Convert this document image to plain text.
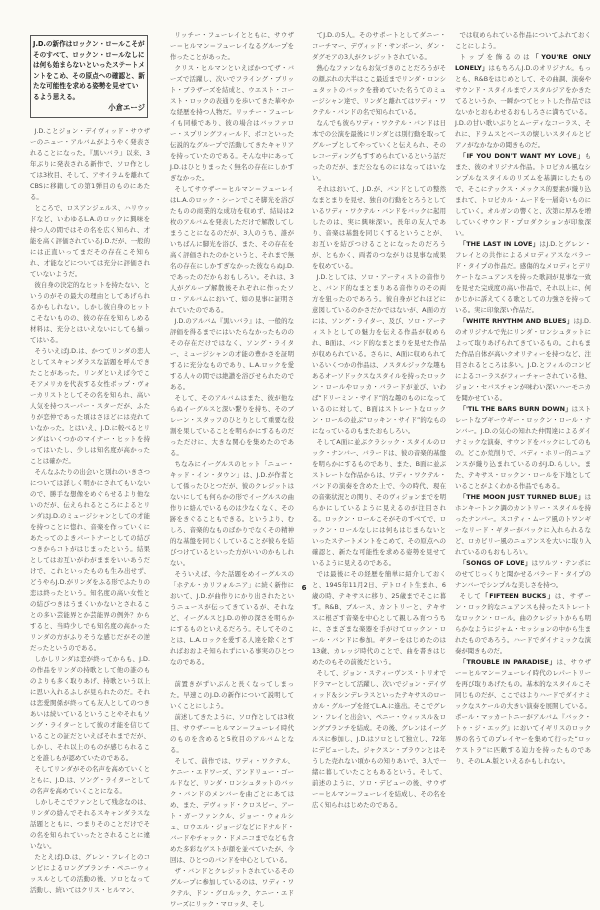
J.D.の新作はロックン・ロールこそがそのすべて、ロックン・ロールなしには何も始まらないといったステートメントをこめ、その原点への確認と、新たな可能性を求める姿勢を見せているよう思える。
小倉エージ

J.D.ことジョン・デイヴィッド・サウザーのニュー・アルバムがようやく発表されることになった。『黒いバラ』以来、3年ぶりに発表される新作で、ソロ作としては3枚目、そして、アサイラムを離れてCBSに移籍しての第1弾目のものにあたる。

ところで、ロスアンジェルス、ハリウッドなど、いわゆるL.A.のロックに興味を持つ人の間ではその名を広く知られ、才能を高く評価されているJ.D.だが、一般的には正直いってまだその存在こそ知られ、才能などについては充分に評価されていないようだ。

彼自身の決定的なヒットを持たない、というのがその最大の理由としてあげられるかもしれない。しかし彼自身のヒットこそないものの、彼の存在を知らしめる材料は、充分とはいえないにしても揃ってはいる。

そういえばJ.D.は、かつてリンダの恋人としてスキャンダラスな話題を呼んできたことがあった。リンダといえば今でこそアメリカを代表する女性ポップ・ヴォーカリストとしてその名を知られ、高い人気を持つスーパー・スターだが、ふたりが恋仲であった頃はさほどには売れていなかった。とはいえ、J.D.に較べるとリンダはいくつかのマイナー・ヒットを持ってはいたし、少しは知名度が高かったことは確かだ。

そんなふたりの出会いと別れのいきさつについては詳しく明かにされてもいないので、勝手な想像をめぐらせるより他ないのだが、伝えられるところによるとリンダはJ.D.のミュージシャンとしての才能を持つことに惚れ、音楽を作っていくにあたってのよきパートナーとしての結びつきからコトがはじまったという。結果としてはお互いがわがままをいいあうだけで、これといったものも生み出せず、どうやらJ.D.がリンダをふる形でふたりの恋は終ったという。知名度の高い女性との結びつきはうまくいかないとされることの多い芸能界とか芸能界の例外？からすると、当時少しでも知名度の高かったリンダの方がふりそうな感じだがその逆だったというのである。

しかしリンダは恋が終ってからも、J.D.の作品をリンダの持歌として他の誰のものよりも多く取りあげ、持歌という以上に思い入れるふしが見られたのだ。それは恋愛関係が終っても友人としてのつきあいは続いているということやそれもソング・ライターとして彼の才能を信じていることの証だといえばそれまでだが、しかし、それ以上のものが感じられることを誰しもが認めていたのである。

そしてリンダがその名声を高めていくとともに、J.D.は、ソング・ライターとしての名声を高めていくことになる。

しかしそこでファンとして残念なのは、リンダの絡んでそれるスキャンダラスな話題とともに、つまりそのことだけでその名を知られていったとされることに違いない。

たとえばJ.D.は、グレン・フレイとのコンビによるロングブランチ・ペニーウィッスルとしての活動の後、ソロとなって活動し、続いてはクリス・ヒルマン、

リッチー・フューレイとともに、サウザー＝ヒルマン＝フューレイなるグループを作ったことがあった。

クリス・ヒルマンといえばかつてザ・バーズで活躍し、次いでフライング・ブリット・ブラザーズを結成と、ウエスト・コースト・ロックの表通りを歩いてきた華やかな経歴を持つ人物だ。リッチー・フューレイも同様であり、彼の場合はバッファロー・スプリングフィールド、ポコといった伝説的なグループで活動してきたキャリアを持っていたのである。そんな中にあってJ.D.はひとりまったく無名の存在にしかすぎなかった。

そしてサウザー＝ヒルマン＝フューレイはL.A.のロック・シーンでこそ脚光を浴びたものの商業的な成功を収めず、結局は2枚のアルバムを発表しただけで解散してしまうことになるのだが、3人のうち、誰がいちばんに脚光を浴び、また、その存在を高く評価されたのかというと、それまで無名の存在にしかすぎなかった彼ならぬJ.D.であったのだからおもしろい。それは、3人がグループ解散後それぞれに作ったソロ・アルバムにおいて、如の見事に証明されていたのである。

J.D.のアルバム『黒いバラ』は、一般的な評価を得るまでにはいたらなかったもののその存在だけではなく、ソング・ライター、ミュージシャンの才能の豊かさを証明するに充分なものであり、L.A.ロックを愛する人々の間では絶讃を浴びせられたのである。

そして、そのアルバムはまた、彼が他ならぬイーグルスと深い繋りを持ち、そのブレーン・スタッフのひとりとして重要な役割を果していることを明らかにするものだっただけに、大きな関心を集めたのである。

ちなみにイーグルスのヒット「ニュー・キッド・イン・タウン」は、J.D.が作者として係ったひとつだが、彼のクレジットはないにしても何らかの形でイーグルスの曲作りに絡んでいるものは少なくなく、その跡をきぐることもできる。というより、むしろ、音楽的なものばかりでなくその精神的な基盤を同じくしていることが彼らを結びつけているといった方がいいのかもしれない。

そういえば、今た話題をめイーグルスの「ホテル・カリフォルニア」に続く新作において、J.D.が曲作りにかり出されたというニュースが伝ってきているが、それなど、イーグルスとJ.D.の仲の深さを明らかにするものといえるだろう。そしてそのことは、L.A.ロックを愛する人達を除くとすればおおよそ知られずにいる事実のひとつなのである。

前置きがずいぶんと長くなってしまった。早速このJ.D.の新作について説明していくことにしよう。

前述してきたように、ソロ作としては3枚目、サウザー＝ヒルマン＝フューレイ時代のものを含めると5枚目のアルバムとなる。

そして、前作では、ワディ・ワクテル、ケニー・エドワーズ、アンドリュー・ゴールドなど、リンダ・ロンシュタットのバック・バンドのメンバーを曲ごとにあてはめ、また、デヴィッド・クロスビー、アート・ガーファンクル、ジョー・ウォルシュ、ロウエル・ジョージなどにドナルド・バードやチャック・ドメニコまでなども含めた多彩なゲストが顔を並べていたが、今回は、ひとつのバンドを中心としている。

ザ・バンドとクレジットされているそのグループに参加しているのは、ワディ・ワクテル、ドン・グロルック、ケニー・エドワーズにリック・マロッタ、そし

てJ.D.の5人。そのサポートとしてダニー・コーチマー、デヴィッド・サンボーン、ダン・ダグモアの3人がクレジットされている。

熱心なファンならお気づきのことだろうがその顔ぶれの大半はここ最近までリンダ・ロンシュタットのバックを務めていた名うてのミュージシャン達で、リンダと離れてはワディ・ワクテル・バンドの名で知られている。

なんでも彼らワディ・ワクテル・バンドは日本での公演を最後にリンダとは別行動を取ってグループとしてやっていくと伝えられ、そのレコーディングもすすめられているという話だったのだが、まだ公なものにはなってはいない。

それはおいて、J.D.が、バンドとしての整然なまとまりを見せ、独自の行動をとろうとしているワディ・ワクテル・バンドをバックに起用したのは、実に興味深い。長年の友人であり、音楽は基盤を同じくするということが、お互いを結びつけることになったのだろうが、ともかく、両者のつながりは見事な成果を収めている。

J.D.としては、ソロ・アーティストの音作りと、バンド的なまとまりある音作りのその両方を狙ったのであろう。彼自身がどれほどに意図しているのかさだかではないが、A面の方には、ソング・ライター、及び、ソロ・アーティストとしての魅力を伝える作品が収められ、B面は、バンド的なまとまりを見せた作品が収められている。さらに、A面に収められているいくつかの作品は、ノスタルジックな趣もあるオーソドックスなスタイルを持ったロックン・ロールやロッカ・バラードが並び、いわば“ドリーミン・サイド”的な趣のものになっているのに対して、B面はストレートなロックン・ロールの並ぶ“ロッキン・サイド”的なものになっているのもまたおもしろい。

そしてA面に並ぶクラシック・スタイルのロック・ナンバー、バラードは、彼の音楽的基盤を明らかにするものであり、また、B面に並ぶストレートな作品からは、ワディ・ワクテル・バンドの演奏を含めた上で、今の時代、現在の音楽状況との関り、そのヴィジョンまでを明らかにしているように見えるのが注目される。ロックン・ロールこそがそのすべてで、ロックン・ロールなしには何もはじまらないといったステートメントをこめて、その原点への確認と、新たな可能性を求める姿勢を見せているように見えるのである。

では最後にその経歴を簡単に紹介しておくと、1945年11月2日、デトロイト生まれ、6歳の時、テキサスに移り、25歳までそこに暮す。R&B、ブルース、カントリーと、テキサスに根ざす音楽を中心として親しみ育つうちに、さまざまな楽器を手がけてロックン・ロール・バンドに参加。ギターをはじめたのは13歳、カレッジ時代のことで、曲を書きはじめたのもその前後だという。

そして、ジョン・スティーヴンス・トリオでドラマーとして活躍し、次いでジョン・デイヴィッド＆シンデレラスといったテキサスのローカル・グループを経てL.A.に進出。そこでグレン・フレイと出会い、ペニー・ウィッスル＆ロングブランチを結成。その後、グレンはイーグルスに参加し、J.D.はソロとして独立し、72年にデビューした。ジャクスン・ブラウンとはそうした売れない頃からの知りあいで、3人で一緒に暮していたこともあるという。そして、前述のように、ソロ・デビューの後、サウザー＝ヒルマン＝フューレイを結成し、その名を広く知られはじめたのである。

では収められている作品についてふれておくことにしよう。

トップを飾るのは「YOU'RE ONLY LONELY」はもちろんJ.D.のオリジナル。もっとも、R&Bをはじめとして、その曲調、演奏やサウンド・スタイルまでノスタルジアをかきたてるというか、一瞬かつてヒットした作品ではないかとおもわせるおもしろさに満ちている。J.D.の甘い歌いぶりとムーディなコーラス、それに、ドラムスとベースの懐しいスタイルとピアノがなかなかの聞きものだ。

「IF YOU DON'T WANT MY LOVE」もまた、彼のオリジナル作品。トロピカル風なシンプルなスタイルのリズムを基調にしたもので、そこにテックス・メックス的要素が織り込まれて、トロピカル・ムードを一層奇いものにしていく。オルガンの響くと、次第に厚みを増していくサウンド・プロダクションが印象深い。

「THE LAST IN LOVE」はJ.D.とグレン・フレイとの共作によるメロディアスなバラード・タイプの作品だ。感傷的なメロディとデリケートなニュアンスを持った歌詞が見事な一致を見せた完成度の高い作品で、それ以上に、何かじかに訴えてくる歌としての力強さを持っている。実に印象深い作品だ。

「WHITE RHYTHM AND BLUES」はJ.D.のオリジナルで先にリンダ・ロンシュタットによって取りあげられてきているもの。これもまた作品自体が高いクオリティーを持つなど、注目されるところは多い。J.D.とフィルのコンビによるコーラスがフィーチャーされている他、ジョン・セバスチャンが味わい深いハーモニカを聞かせている。

「'TIL THE BARS BURN DOWN」はストレートなブギーウギー・ロックン・ロール・ナンバー。J.D.の気心の知れた仲間達によるダイナミックな演奏、サウンドをバックにしてのもの。どこか荒削りで、バディ・ホリー的ニュアンスが織り込まれているのがJ.D.らしい。また、テキサス・ロックン・ロールを下地としていることがよくわかる作品でもある。

「THE MOON JUST TURNED BLUE」はホンキートンク調のカントリー・スタイルを持ったナンバー。スコティ・ムーア風のトワンギーなリード・ギターがバックに入れられるなど、ロカビリー風のニュアンスを大いに取り入れているのもおもしろい。

「SONGS OF LOVE」はワルツ・テンポにのせてじっくりと聞かせるバラード・タイプのナンバーでシンプルな美しさを持つ。

そして「FIFTEEN BUCKS」は、サザーン・ロック的なニュアンスも持ったストレートなロックン・ロール。曲のクレジットからも明らかなようにジャム・セッションの中から生まれたものであろう。ハードでダイナミックな演奏が聞きものだ。

「TROUBLE IN PARADISE」は、サウザー＝ヒルマン＝フューレイ時代のレパートリーを再び取りあげたもの。基本的なスタイルこそ同じものだが、ここではよりハードでダイナミックなスケールの大きい演奏を展開している。ポール・マッカートニーがアルバム『バック・トゥ・ジ・エッグ』においてイギリスのロック界の名うてのプレイヤーを集めて行った“ロッケストラ”に匹敵する迫力を持ったものであり、そのL.A.版といえるかもしれない。

6
